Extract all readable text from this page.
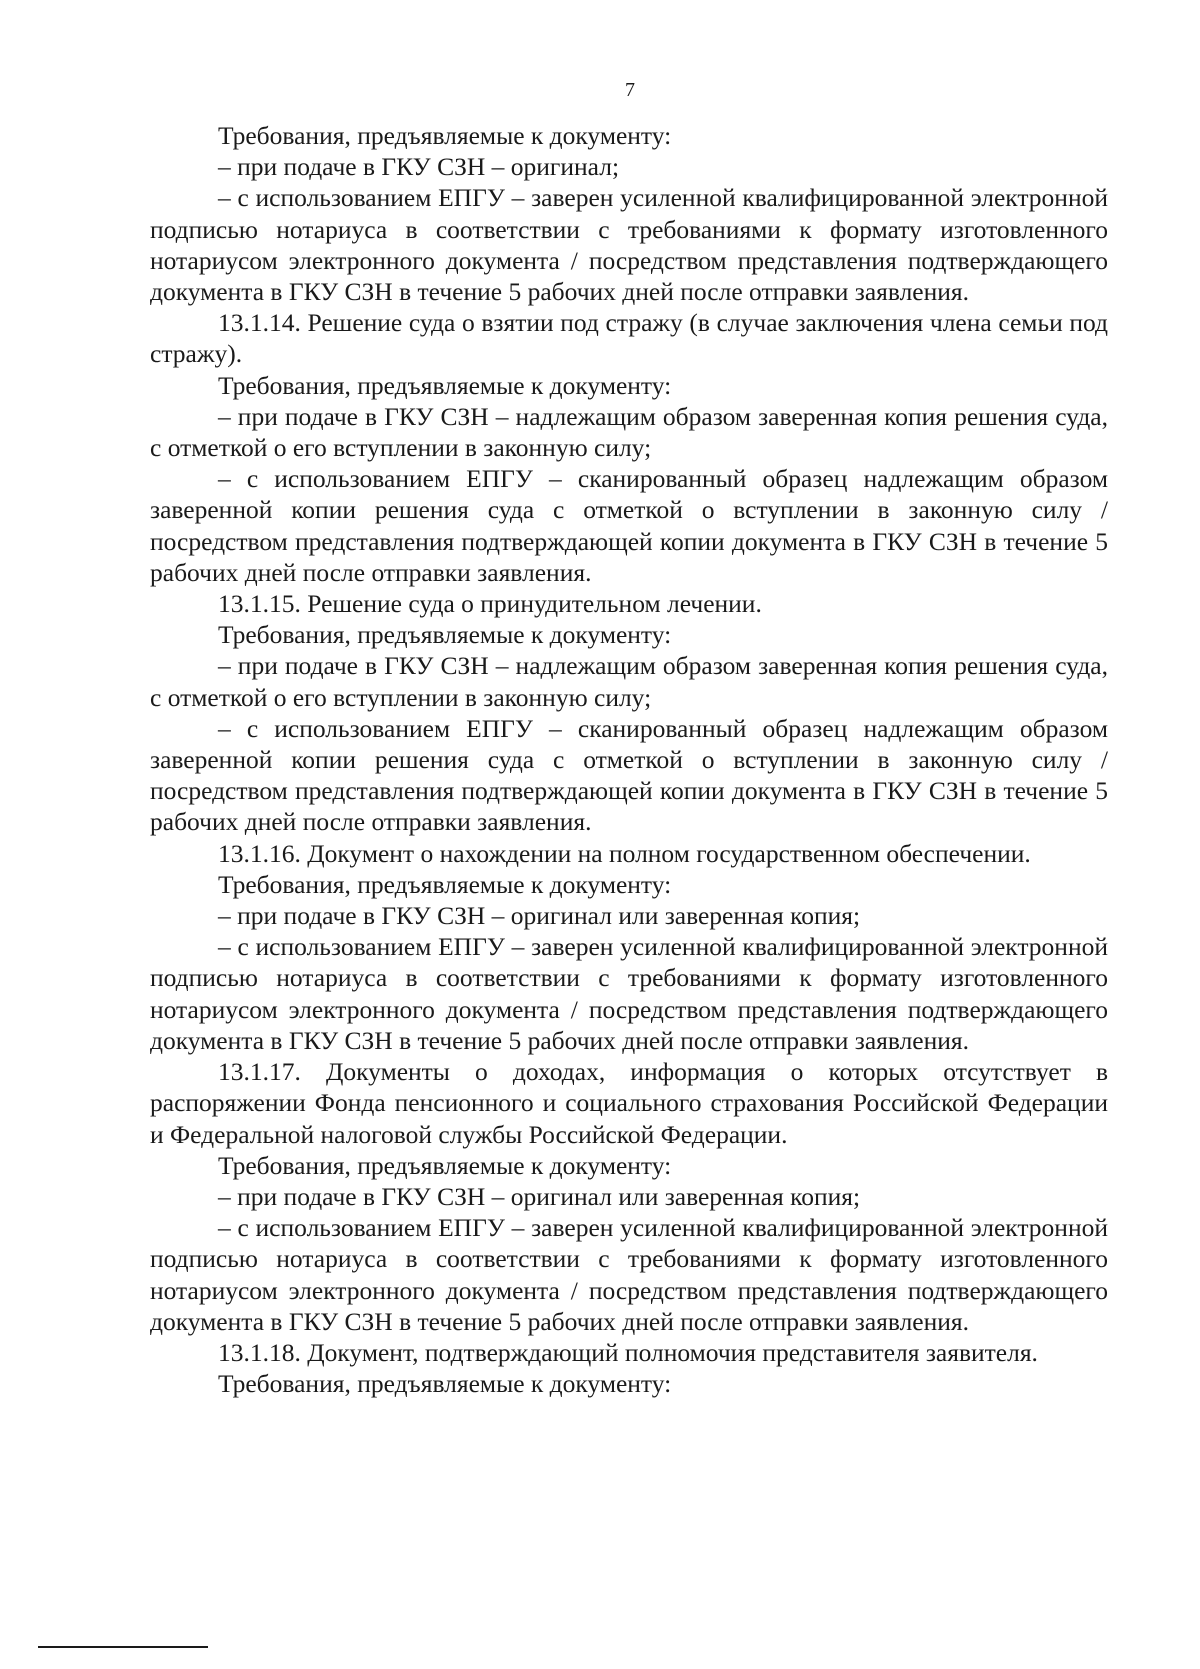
7

Требования, предъявляемые к документу:

– при подаче в ГКУ СЗН – оригинал;

– с использованием ЕПГУ – заверен усиленной квалифицированной электронной подписью нотариуса в соответствии с требованиями к формату изготовленного нотариусом электронного документа / посредством представления подтверждающего документа в ГКУ СЗН в течение 5 рабочих дней после отправки заявления.

13.1.14. Решение суда о взятии под стражу (в случае заключения члена семьи под стражу).

Требования, предъявляемые к документу:

– при подаче в ГКУ СЗН – надлежащим образом заверенная копия решения суда, с отметкой о его вступлении в законную силу;

– с использованием ЕПГУ – сканированный образец надлежащим образом заверенной копии решения суда с отметкой о вступлении в законную силу / посредством представления подтверждающей копии документа в ГКУ СЗН в течение 5 рабочих дней после отправки заявления.

13.1.15. Решение суда о принудительном лечении.

Требования, предъявляемые к документу:

– при подаче в ГКУ СЗН – надлежащим образом заверенная копия решения суда, с отметкой о его вступлении в законную силу;

– с использованием ЕПГУ – сканированный образец надлежащим образом заверенной копии решения суда с отметкой о вступлении в законную силу / посредством представления подтверждающей копии документа в ГКУ СЗН в течение 5 рабочих дней после отправки заявления.

13.1.16. Документ о нахождении на полном государственном обеспечении.

Требования, предъявляемые к документу:

– при подаче в ГКУ СЗН – оригинал или заверенная копия;

– с использованием ЕПГУ – заверен усиленной квалифицированной электронной подписью нотариуса в соответствии с требованиями к формату изготовленного нотариусом электронного документа / посредством представления подтверждающего документа в ГКУ СЗН в течение 5 рабочих дней после отправки заявления.

13.1.17. Документы о доходах, информация о которых отсутствует в распоряжении Фонда пенсионного и социального страхования Российской Федерации и Федеральной налоговой службы Российской Федерации.

Требования, предъявляемые к документу:

– при подаче в ГКУ СЗН – оригинал или заверенная копия;

– с использованием ЕПГУ – заверен усиленной квалифицированной электронной подписью нотариуса в соответствии с требованиями к формату изготовленного нотариусом электронного документа / посредством представления подтверждающего документа в ГКУ СЗН в течение 5 рабочих дней после отправки заявления.

13.1.18. Документ, подтверждающий полномочия представителя заявителя.

Требования, предъявляемые к документу:
